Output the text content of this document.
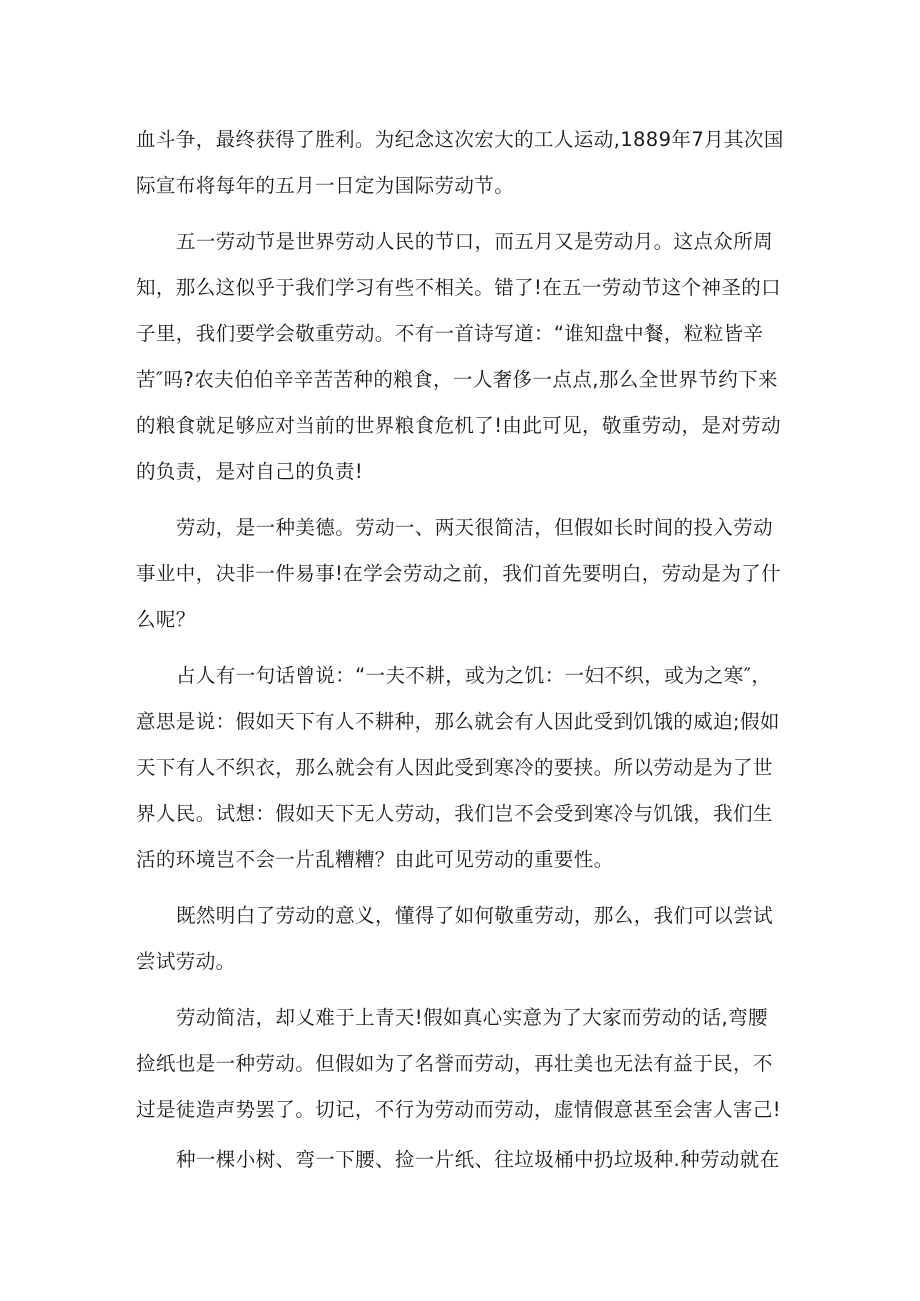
血斗争，最终获得了胜利。为纪念这次宏大的工人运动,1889年7月其次国
际宣布将每年的五月一日定为国际劳动节。
五一劳动节是世界劳动人民的节口，而五月又是劳动月。这点众所周
知，那么这似乎于我们学习有些不相关。错了!在五一劳动节这个神圣的口
子里，我们要学会敬重劳动。不有一首诗写道：“谁知盘中餐，粒粒皆辛
苦″吗?农夫伯伯辛辛苦苦种的粮食，一人奢侈一点点,那么全世界节约下来
的粮食就足够应对当前的世界粮食危机了!由此可见，敬重劳动，是对劳动
的负责，是对自己的负责!
劳动，是一种美德。劳动一、两天很简洁，但假如长时间的投入劳动
事业中，决非一件易事!在学会劳动之前，我们首先要明白，劳动是为了什
么呢？
占人有一句话曾说：“一夫不耕，或为之饥：一妇不织，或为之寒″，
意思是说：假如天下有人不耕种，那么就会有人因此受到饥饿的威迫;假如
天下有人不织衣，那么就会有人因此受到寒冷的要挟。所以劳动是为了世
界人民。试想：假如天下无人劳动，我们岂不会受到寒冷与饥饿，我们生
活的环境岂不会一片乱糟糟？由此可见劳动的重要性。
既然明白了劳动的意义，懂得了如何敬重劳动，那么，我们可以尝试
尝试劳动。
劳动简洁，却乂难于上青天!假如真心实意为了大家而劳动的话,弯腰
捡纸也是一种劳动。但假如为了名誉而劳动，再壮美也无法有益于民，不
过是徒造声势罢了。切记，不行为劳动而劳动，虚情假意甚至会害人害己!
种一棵小树、弯一下腰、捡一片纸、往垃圾桶中扔垃圾种.种劳动就在
